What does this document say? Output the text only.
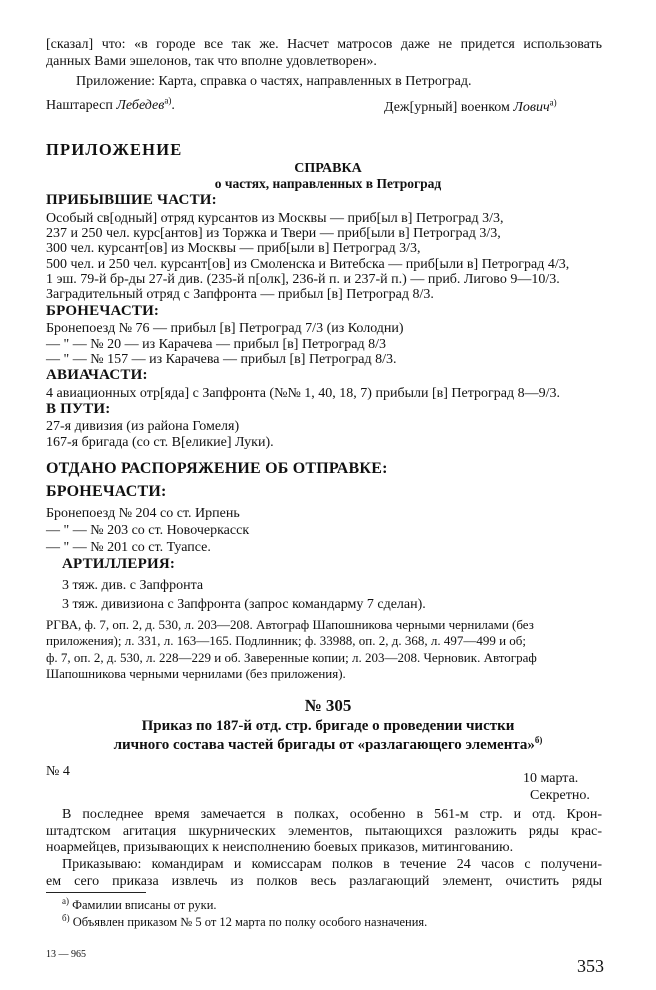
[сказал] что: «в городе все так же. Насчет матросов даже не придется использовать
данных Вами эшелонов, так что вполне удовлетворен».
Приложение: Карта, справка о частях, направленных в Петроград.
Наштаресп Лебедев$^{а)}$.	Деж[урный] военком Лович$^{а)}$
ПРИЛОЖЕНИЕ
СПРАВКА
о частях, направленных в Петроград
ПРИБЫВШИЕ ЧАСТИ:
Особый св[одный] отряд курсантов из Москвы — приб[ыл в] Петроград 3/3,
237 и 250 чел. курс[антов] из Торжка и Твери — приб[ыли в] Петроград 3/3,
300 чел. курсант[ов] из Москвы — приб[ыли в] Петроград 3/3,
500 чел. и 250 чел. курсант[ов] из Смоленска и Витебска — приб[ыли в] Петроград 4/3,
1 эш. 79-й бр-ды 27-й див. (235-й п[олк], 236-й п. и 237-й п.) — приб. Лигово 9—10/3.
Заградительный отряд с Запфронта — прибыл [в] Петроград 8/3.
БРОНЕЧАСТИ:
Бронепоезд № 76 — прибыл [в] Петроград 7/3 (из Колодни)
— " — № 20 — из Карачева — прибыл [в] Петроград 8/3
— " — № 157 — из Карачева — прибыл [в] Петроград 8/3.
АВИАЧАСТИ:
4 авиационных отр[яда] с Запфронта (№№ 1, 40, 18, 7) прибыли [в] Петроград 8—9/3.
В ПУТИ:
27-я дивизия (из района Гомеля)
167-я бригада (со ст. В[еликие] Луки).
ОТДАНО РАСПОРЯЖЕНИЕ ОБ ОТПРАВКЕ:
БРОНЕЧАСТИ:
Бронепоезд № 204 со ст. Ирпень
— " — № 203 со ст. Новочеркасск
— " — № 201 со ст. Туапсе.
АРТИЛЛЕРИЯ:
3 тяж. див. с Запфронта
3 тяж. дивизиона с Запфронта (запрос командарму 7 сделан).
РГВА, ф. 7, оп. 2, д. 530, л. 203—208. Автограф Шапошникова черными чернилами (без
приложения); л. 331, л. 163—165. Подлинник; ф. 33988, оп. 2, д. 368, л. 497—499 и об;
ф. 7, оп. 2, д. 530, л. 228—229 и об. Заверенные копии; л. 203—208. Черновик. Автограф
Шапошникова черными чернилами (без приложения).
№ 305
Приказ по 187-й отд. стр. бригаде о проведении чистки
личного состава частей бригады от «разлагающего элемента»$^{б)}$
№ 4	10 марта.
Секретно.
В последнее время замечается в полках, особенно в 561-м стр. и отд. Крон-
штадтском агитация шкурнических элементов, пытающихся разложить ряды крас-
ноармейцев, призывающих к неисполнению боевых приказов, митингованию.
Приказываю: командирам и комиссарам полков в течение 24 часов с получени-
ем сего приказа извлечь из полков весь разлагающий элемент, очистить ряды
$^{а)}$ Фамилии вписаны от руки.
$^{б)}$ Объявлен приказом № 5 от 12 марта по полку особого назначения.
13 — 965
353
